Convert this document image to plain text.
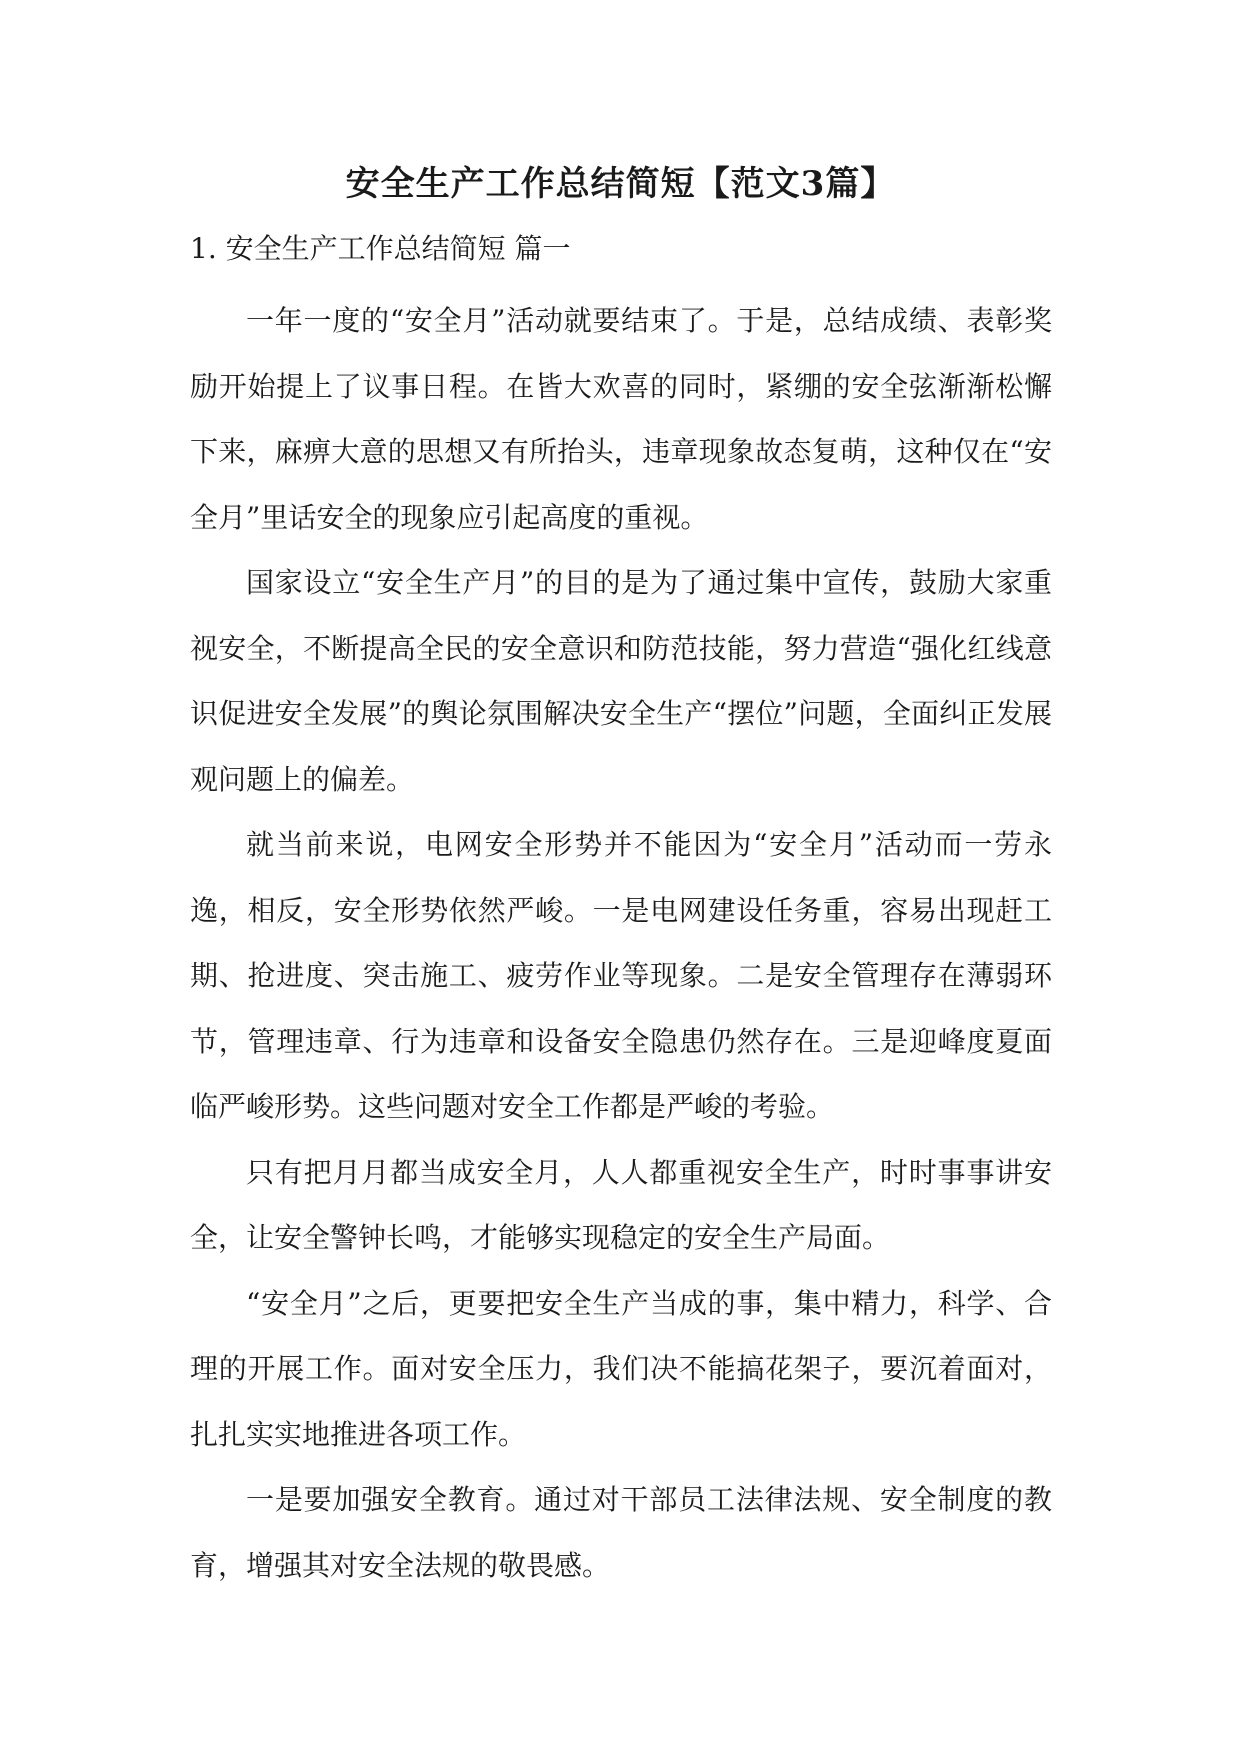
安全生产工作总结简短【范文3篇】
1. 安全生产工作总结简短 篇一

一年一度的“安全月”活动就要结束了。于是，总结成绩、表彰奖励开始提上了议事日程。在皆大欢喜的同时，紧绷的安全弦渐渐松懈下来，麻痹大意的思想又有所抬头，违章现象故态复萌，这种仅在“安全月”里话安全的现象应引起高度的重视。

国家设立“安全生产月”的目的是为了通过集中宣传，鼓励大家重视安全，不断提高全民的安全意识和防范技能，努力营造“强化红线意识促进安全发展”的舆论氛围解决安全生产“摆位”问题，全面纠正发展观问题上的偏差。

就当前来说，电网安全形势并不能因为“安全月”活动而一劳永逸，相反，安全形势依然严峻。一是电网建设任务重，容易出现赶工期、抢进度、突击施工、疲劳作业等现象。二是安全管理存在薄弱环节，管理违章、行为违章和设备安全隐患仍然存在。三是迎峰度夏面临严峻形势。这些问题对安全工作都是严峻的考验。

只有把月月都当成安全月，人人都重视安全生产，时时事事讲安全，让安全警钟长鸣，才能够实现稳定的安全生产局面。

“安全月”之后，更要把安全生产当成的事，集中精力，科学、合理的开展工作。面对安全压力，我们决不能搞花架子，要沉着面对，扎扎实实地推进各项工作。

一是要加强安全教育。通过对干部员工法律法规、安全制度的教育，增强其对安全法规的敬畏感。
